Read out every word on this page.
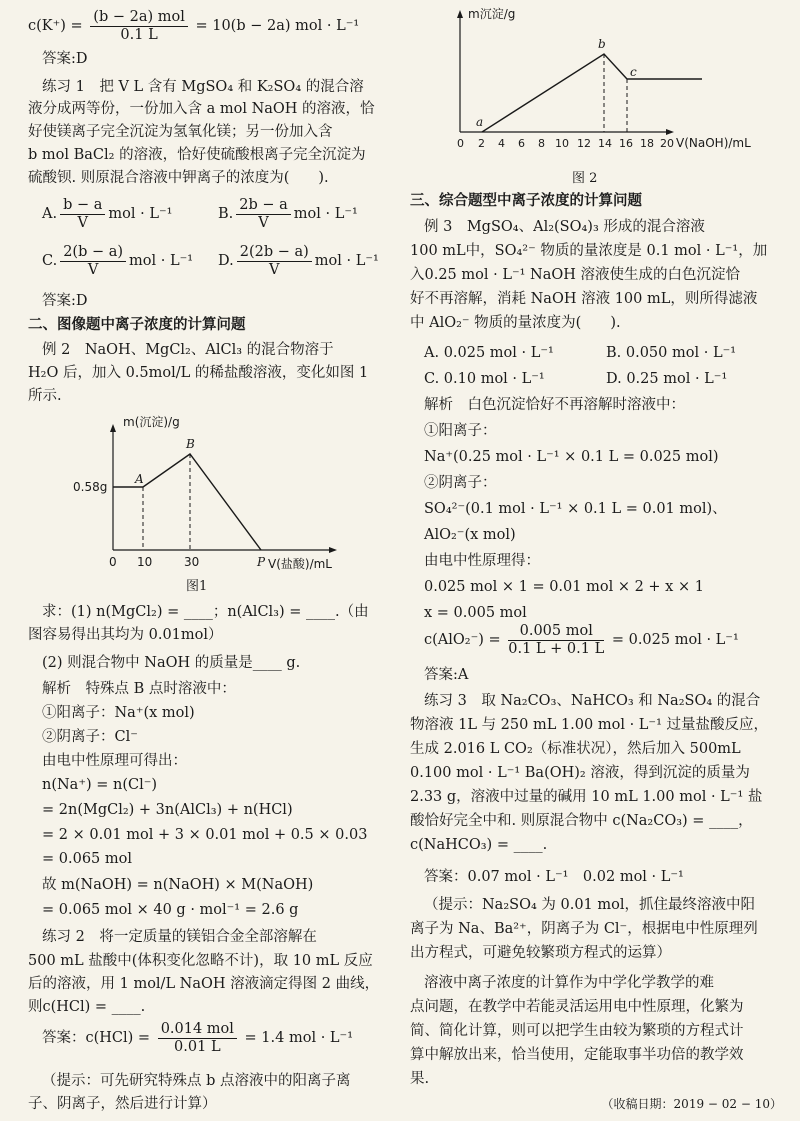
$c(K^+) = \frac{\text{(b − 2a) mol}}{0.1 L} = 10(b - 2a)$ mol · L⁻¹
答案:D
练习 1　把 V L 含有 MgSO₄ 和 K₂SO₄ 的混合溶
液分成两等份，一份加入含 a mol NaOH 的溶液，恰
好使镁离子完全沉淀为氢氧化镁；另一份加入含
b mol BaCl₂ 的溶液，恰好使硫酸根离子完全沉淀为
硫酸钡. 则原混合溶液中钾离子的浓度为(　　).
A. $\frac{b - a}{V}$ mol · L⁻¹	B. $\frac{2b - a}{V}$ mol · L⁻¹
C. $\frac{2(b - a)}{V}$ mol · L⁻¹ D. $\frac{2(2b - a)}{V}$ mol · L⁻¹
答案:D
二、图像题中离子浓度的计算问题
例 2　NaOH、MgCl₂、AlCl₃ 的混合物溶于
H₂O 后，加入 0.5mol/L 的稀盐酸溶液，变化如图 1
所示.
m(沉淀)/g
V(盐酸)/mL
0.58g
0 10	30
A
B
P
图1
求：(1) n(MgCl₂) = ____；n(AlCl₃) = ____.（由
图容易得出其均为 0.01mol）
(2) 则混合物中 NaOH 的质量是____ g.
解析　特殊点 B 点时溶液中：
①阳离子：Na⁺(x mol)
②阴离子：Cl⁻
由电中性原理可得出：
n(Na⁺) = n(Cl⁻)
= 2n(MgCl₂) + 3n(AlCl₃) + n(HCl)
= 2 × 0.01 mol + 3 × 0.01 mol + 0.5 × 0.03
= 0.065 mol
故 m(NaOH) = n(NaOH) × M(NaOH)
= 0.065 mol × 40 g · mol⁻¹ = 2.6 g
练习 2　将一定质量的镁铝合金全部溶解在
500 mL 盐酸中(体积变化忽略不计)，取 10 mL 反应
后的溶液，用 1 mol/L NaOH 溶液滴定得图 2 曲线，
则c(HCl) = ____.
答案：$c(HCl) = \frac{\text{0.014 mol}}{0.01 L} = 1.4$ mol · L⁻¹
（提示：可先研究特殊点 b 点溶液中的阳离子离
子、阴离子，然后进行计算）
m沉淀/g
V(NaOH)/mL
a
b
c
0 2 4 6 8 10 12 14 16 18 20
图 2
三、综合题型中离子浓度的计算问题
例 3　MgSO₄、Al₂(SO₄)₃ 形成的混合溶液
100 mL中，SO₄²⁻ 物质的量浓度是 0.1 mol · L⁻¹，加
入0.25 mol · L⁻¹ NaOH 溶液使生成的白色沉淀恰
好不再溶解，消耗 NaOH 溶液 100 mL，则所得滤液
中 AlO₂⁻ 物质的量浓度为(　　).
A. 0.025 mol · L⁻¹	B. 0.050 mol · L⁻¹
C. 0.10 mol · L⁻¹	D. 0.25 mol · L⁻¹
解析　白色沉淀恰好不再溶解时溶液中：
①阳离子：
Na⁺(0.25 mol · L⁻¹ × 0.1 L = 0.025 mol)
②阴离子：
SO₄²⁻(0.1 mol · L⁻¹ × 0.1 L = 0.01 mol)、
AlO₂⁻(x mol)
由电中性原理得：
0.025 mol × 1 = 0.01 mol × 2 + x × 1
x = 0.005 mol
$c(AlO_2^-) = \frac{\text{0.005 mol}}{0.1 L + 0.1 L} = 0.025$ mol · L⁻¹
答案:A
练习 3　取 Na₂CO₃、NaHCO₃ 和 Na₂SO₄ 的混合
物溶液 1L 与 250 mL 1.00 mol · L⁻¹ 过量盐酸反应，
生成 2.016 L CO₂（标准状况），然后加入 500mL
0.100 mol · L⁻¹ Ba(OH)₂ 溶液，得到沉淀的质量为
2.33 g，溶液中过量的碱用 10 mL 1.00 mol · L⁻¹ 盐
酸恰好完全中和. 则原混合物中 c(Na₂CO₃) = ____，
c(NaHCO₃) = ____.
答案：0.07 mol · L⁻¹　0.02 mol · L⁻¹
（提示：Na₂SO₄ 为 0.01 mol，抓住最终溶液中阳
离子为 Na、Ba²⁺，阴离子为 Cl⁻，根据电中性原理列
出方程式，可避免较繁琐方程式的运算）
溶液中离子浓度的计算作为中学化学教学的难
点问题，在教学中若能灵活运用电中性原理，化繁为
简、简化计算，则可以把学生由较为繁琐的方程式计
算中解放出来，恰当使用，定能取事半功倍的教学效
果.
（收稿日期：2019 − 02 − 10）
